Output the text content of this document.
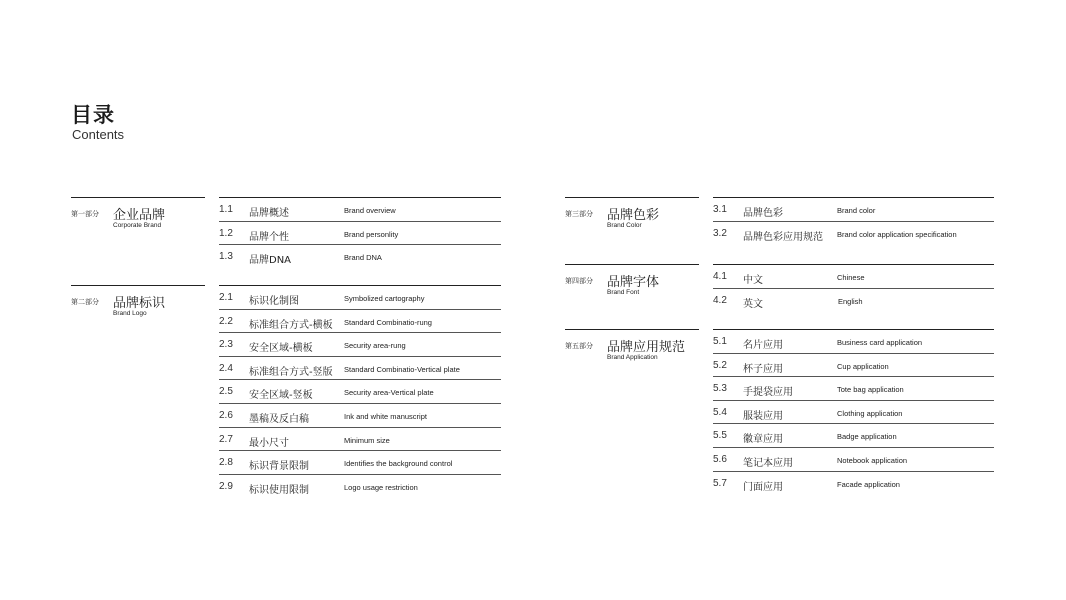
目录
Contents
第一部分 企业品牌
Corporate Brand
1.1 品牌概述	Brand overview
1.2 品牌个性	Brand personlity
1.3 品牌DNA	Brand DNA
第二部分 品牌标识
Brand Logo
2.1 标识化制图	Symbolized cartography
2.2 标准组合方式-横板 Standard Combinatio-rung
2.3 安全区域-横板	Security area-rung
2.4 标准组合方式-竖版 Standard Combinatio-Vertical plate
2.5 安全区域-竖板	Security area-Vertical plate
2.6 墨稿及反白稿	Ink and white manuscript
2.7 最小尺寸	Minimum size
2.8 标识背景限制	Identifies the background control
2.9 标识使用限制	Logo usage restriction
第三部分 品牌色彩
Brand Color
3.1 品牌色彩	Brand color
3.2 品牌色彩应用规范 Brand color application specification
第四部分 品牌字体
Brand Font
4.1 中文	Chinese
4.2 英文	English
第五部分 品牌应用规范
Brand Application
5.1 名片应用	Business card application
5.2 杯子应用	Cup application
5.3 手提袋应用	Tote bag application
5.4 服装应用	Clothing application
5.5 徽章应用	Badge application
5.6 笔记本应用	Notebook application
5.7 门面应用	Facade application
